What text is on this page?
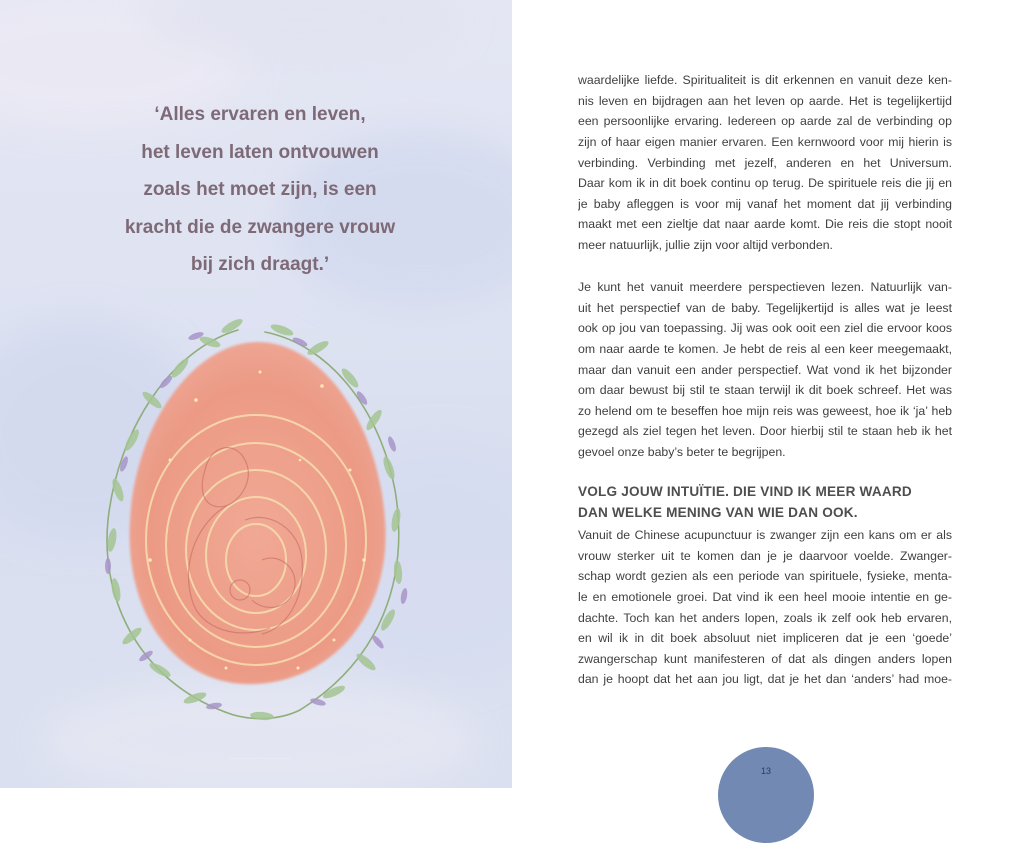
‘Alles ervaren en leven,
het leven laten ontvouwen
zoals het moet zijn, is een
kracht die de zwangere vrouw
bij zich draagt.’
waardelijke liefde. Spiritualiteit is dit erkennen en vanuit deze ken-
nis leven en bijdragen aan het leven op aarde. Het is tegelijkertijd
een persoonlijke ervaring. Iedereen op aarde zal de verbinding op
zijn of haar eigen manier ervaren. Een kernwoord voor mij hierin is
verbinding. Verbinding met jezelf, anderen en het Universum.
Daar kom ik in dit boek continu op terug. De spirituele reis die jij en
je baby afleggen is voor mij vanaf het moment dat jij verbinding
maakt met een zieltje dat naar aarde komt. Die reis die stopt nooit
meer natuurlijk, jullie zijn voor altijd verbonden.
Je kunt het vanuit meerdere perspectieven lezen. Natuurlijk van-
uit het perspectief van de baby. Tegelijkertijd is alles wat je leest
ook op jou van toepassing. Jij was ook ooit een ziel die ervoor koos
om naar aarde te komen. Je hebt de reis al een keer meegemaakt,
maar dan vanuit een ander perspectief. Wat vond ik het bijzonder
om daar bewust bij stil te staan terwijl ik dit boek schreef. Het was
zo helend om te beseffen hoe mijn reis was geweest, hoe ik ‘ja’ heb
gezegd als ziel tegen het leven. Door hierbij stil te staan heb ik het
gevoel onze baby’s beter te begrijpen.
VOLG JOUW INTUÏTIE. DIE VIND IK MEER WAARD
DAN WELKE MENING VAN WIE DAN OOK.
Vanuit de Chinese acupunctuur is zwanger zijn een kans om er als
vrouw sterker uit te komen dan je je daarvoor voelde. Zwanger-
schap wordt gezien als een periode van spirituele, fysieke, menta-
le en emotionele groei. Dat vind ik een heel mooie intentie en ge-
dachte. Toch kan het anders lopen, zoals ik zelf ook heb ervaren,
en wil ik in dit boek absoluut niet impliceren dat je een ‘goede’
zwangerschap kunt manifesteren of dat als dingen anders lopen
dan je hoopt dat het aan jou ligt, dat je het dan ‘anders’ had moe-
13
